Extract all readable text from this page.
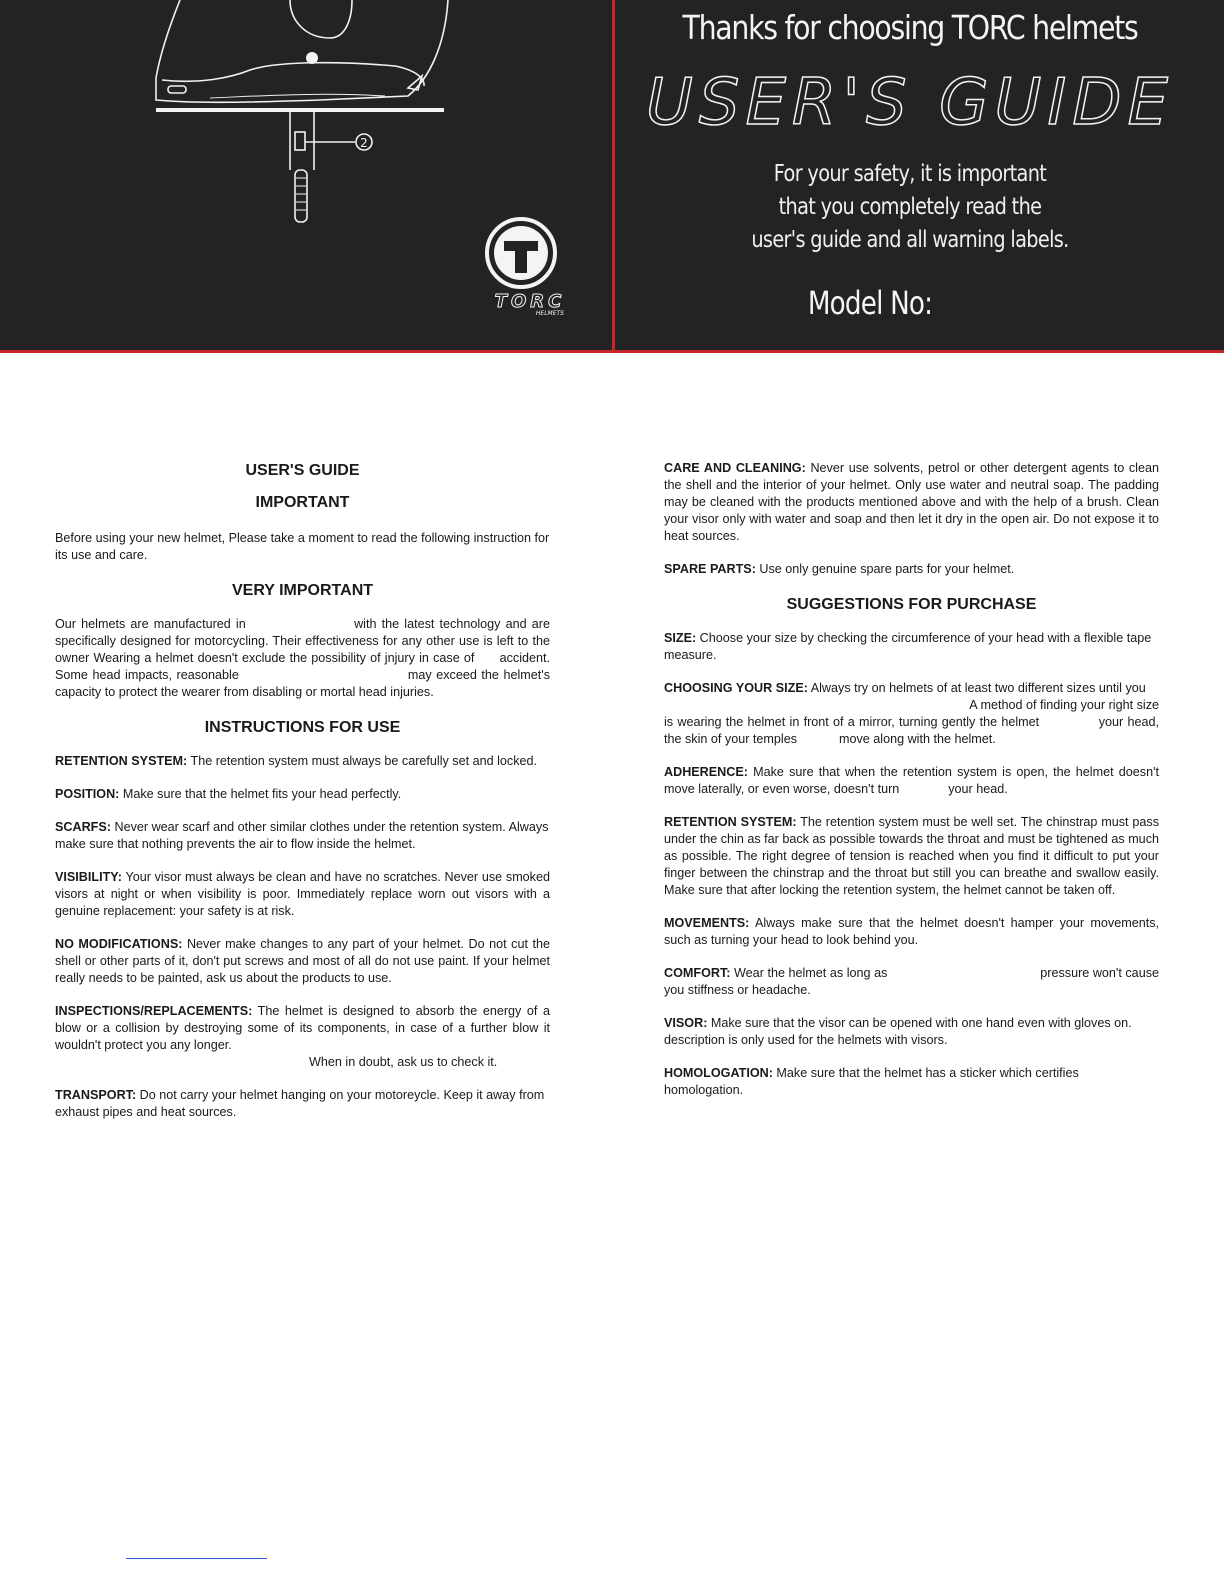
2
TORC
HELMETS
Thanks for choosing TORC helmets
USER'S GUIDE
For your safety, it is important
that you completely read the
user's guide and all warning labels.
Model No:
USER'S GUIDE
IMPORTANT

Before using your new helmet, Please take a moment to read the following instruction for its use and care.

VERY IMPORTANT

Our helmets are manufactured in                     with the latest technology and are specifically designed for motorcycling. Their effectiveness for any other use is left to the owner Wearing a helmet doesn't exclude the possibility of jnjury in case of      accident. Some head impacts, reasonable                                     may exceed the helmet's capacity to protect the wearer from disabling or mortal head injuries.

INSTRUCTIONS FOR USE

RETENTION SYSTEM: The retention system must always be carefully set and locked.

POSITION: Make sure that the helmet fits your head perfectly.

SCARFS: Never wear scarf and other similar clothes under the retention system. Always make sure that nothing prevents the air to flow inside the helmet.

VISIBILITY: Your visor must always be clean and have no scratches. Never use smoked visors at night or when visibility is poor. Immediately replace worn out visors with a genuine replacement: your safety is at risk.

NO MODIFICATIONS: Never make changes to any part of your helmet. Do not cut the shell or other parts of it, don't put screws and most of all do not use paint. If your helmet really needs to be painted, ask us about the products to use.

INSPECTIONS/REPLACEMENTS: The helmet is designed to absorb the energy of a blow or a collision by destroying some of its components, in case of a further blow it wouldn't protect you any longer.
When in doubt, ask us to check it.

TRANSPORT: Do not carry your helmet hanging on your motoreycle. Keep it away from exhaust pipes and heat sources.

CARE AND CLEANING: Never use solvents, petrol or other detergent agents to clean the shell and the interior of your helmet. Only use water and neutral soap. The padding may be cleaned with the products mentioned above and with the help of a brush. Clean your visor only with water and soap and then let it dry in the open air. Do not expose it to heat sources.

SPARE PARTS: Use only genuine spare parts for your helmet.

SUGGESTIONS FOR PURCHASE

SIZE: Choose your size by checking the circumference of your head with a flexible tape measure.

CHOOSING YOUR SIZE: Always try on helmets of at least two different sizes until you
A method of finding your right size
is wearing the helmet in front of a mirror, turning gently the helmet              your head, the skin of your temples            move along with the helmet.

ADHERENCE: Make sure that when the retention system is open, the helmet doesn't move laterally, or even worse, doesn't turn              your head.

RETENTION SYSTEM: The retention system must be well set. The chinstrap must pass under the chin as far back as possible towards the throat and must be tightened as much as possible. The right degree of tension is reached when you find it difficult to put your finger between the chinstrap and the throat but still you can breathe and swallow easily. Make sure that after locking the retention system, the helmet cannot be taken off.

MOVEMENTS: Always make sure that the helmet doesn't hamper your movements, such as turning your head to look behind you.

COMFORT: Wear the helmet as long as                                           pressure won't cause you stiffness or headache.

VISOR: Make sure that the visor can be opened with one hand even with gloves on. description is only used for the helmets with visors.

HOMOLOGATION: Make sure that the helmet has a sticker which certifies homologation.
